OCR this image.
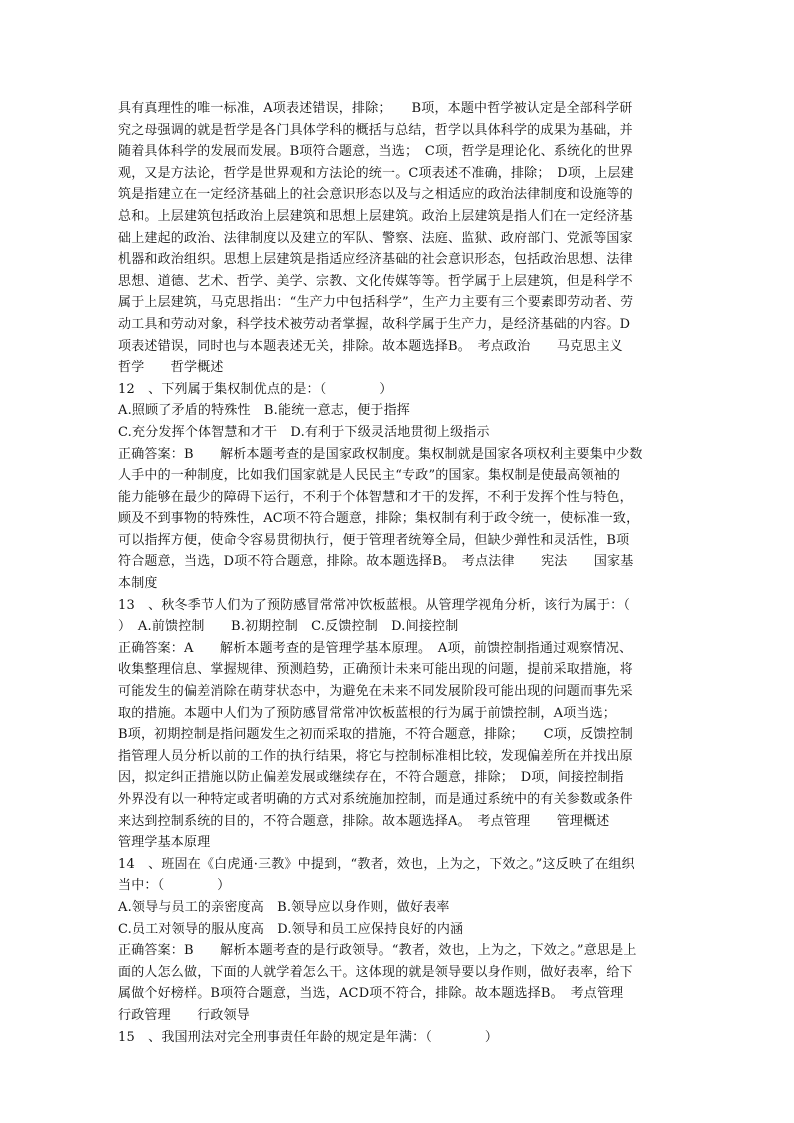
具有真理性的唯一标准，A项表述错误，排除；　　B项，本题中哲学被认定是全部科学研

究之母强调的就是哲学是各门具体学科的概括与总结，哲学以具体科学的成果为基础，并

随着具体科学的发展而发展。B项符合题意，当选；　C项，哲学是理论化、系统化的世界

观，又是方法论，哲学是世界观和方法论的统一。C项表述不准确，排除；　D项，上层建

筑是指建立在一定经济基础上的社会意识形态以及与之相适应的政治法律制度和设施等的

总和。上层建筑包括政治上层建筑和思想上层建筑。政治上层建筑是指人们在一定经济基

础上建起的政治、法律制度以及建立的军队、警察、法庭、监狱、政府部门、党派等国家

机器和政治组织。思想上层建筑是指适应经济基础的社会意识形态，包括政治思想、法律

思想、道德、艺术、哲学、美学、宗教、文化传媒等等。哲学属于上层建筑，但是科学不

属于上层建筑，马克思指出：“生产力中包括科学”，生产力主要有三个要素即劳动者、劳

动工具和劳动对象，科学技术被劳动者掌握，故科学属于生产力，是经济基础的内容。D

项表述错误，同时也与本题表述无关，排除。故本题选择B。　考点政治　　马克思主义

哲学　　哲学概述

12　、下列属于集权制优点的是：（　　　　）

A.照顾了矛盾的特殊性　B.能统一意志，便于指挥

C.充分发挥个体智慧和才干　D.有利于下级灵活地贯彻上级指示

正确答案：B　　解析本题考查的是国家政权制度。集权制就是国家各项权利主要集中少数

人手中的一种制度，比如我们国家就是人民民主“专政”的国家。集权制是使最高领袖的

能力能够在最少的障碍下运行，不利于个体智慧和才干的发挥，不利于发挥个性与特色，

顾及不到事物的特殊性，AC项不符合题意，排除；集权制有利于政令统一，使标准一致，

可以指挥方便，使命令容易贯彻执行，便于管理者统筹全局，但缺少弹性和灵活性，B项

符合题意，当选，D项不符合题意，排除。故本题选择B。　考点法律　　宪法　　国家基

本制度

13　、秋冬季节人们为了预防感冒常常冲饮板蓝根。从管理学视角分析，该行为属于：（

）　A.前馈控制　　B.初期控制　C.反馈控制　D.间接控制

正确答案：A　　解析本题考查的是管理学基本原理。　A项，前馈控制指通过观察情况、

收集整理信息、掌握规律、预测趋势，正确预计未来可能出现的问题，提前采取措施，将

可能发生的偏差消除在萌芽状态中，为避免在未来不同发展阶段可能出现的问题而事先采

取的措施。本题中人们为了预防感冒常常冲饮板蓝根的行为属于前馈控制，A项当选；

B项，初期控制是指问题发生之初而采取的措施，不符合题意，排除；　　C项，反馈控制

指管理人员分析以前的工作的执行结果，将它与控制标准相比较，发现偏差所在并找出原

因，拟定纠正措施以防止偏差发展或继续存在，不符合题意，排除；　D项，间接控制指

外界没有以一种特定或者明确的方式对系统施加控制，而是通过系统中的有关参数或条件

来达到控制系统的目的，不符合题意，排除。故本题选择A。　考点管理　　管理概述

管理学基本原理

14　、班固在《白虎通·三教》中提到，“教者，效也，上为之，下效之。”这反映了在组织

当中：（　　　　）

A.领导与员工的亲密度高　B.领导应以身作则，做好表率

C.员工对领导的服从度高　D.领导和员工应保持良好的内涵

正确答案：B　　解析本题考查的是行政领导。“教者，效也，上为之，下效之。”意思是上

面的人怎么做，下面的人就学着怎么干。这体现的就是领导要以身作则，做好表率，给下

属做个好榜样。B项符合题意，当选，ACD项不符合，排除。故本题选择B。　考点管理

行政管理　　行政领导

15　、我国刑法对完全刑事责任年龄的规定是年满：（　　　　）
